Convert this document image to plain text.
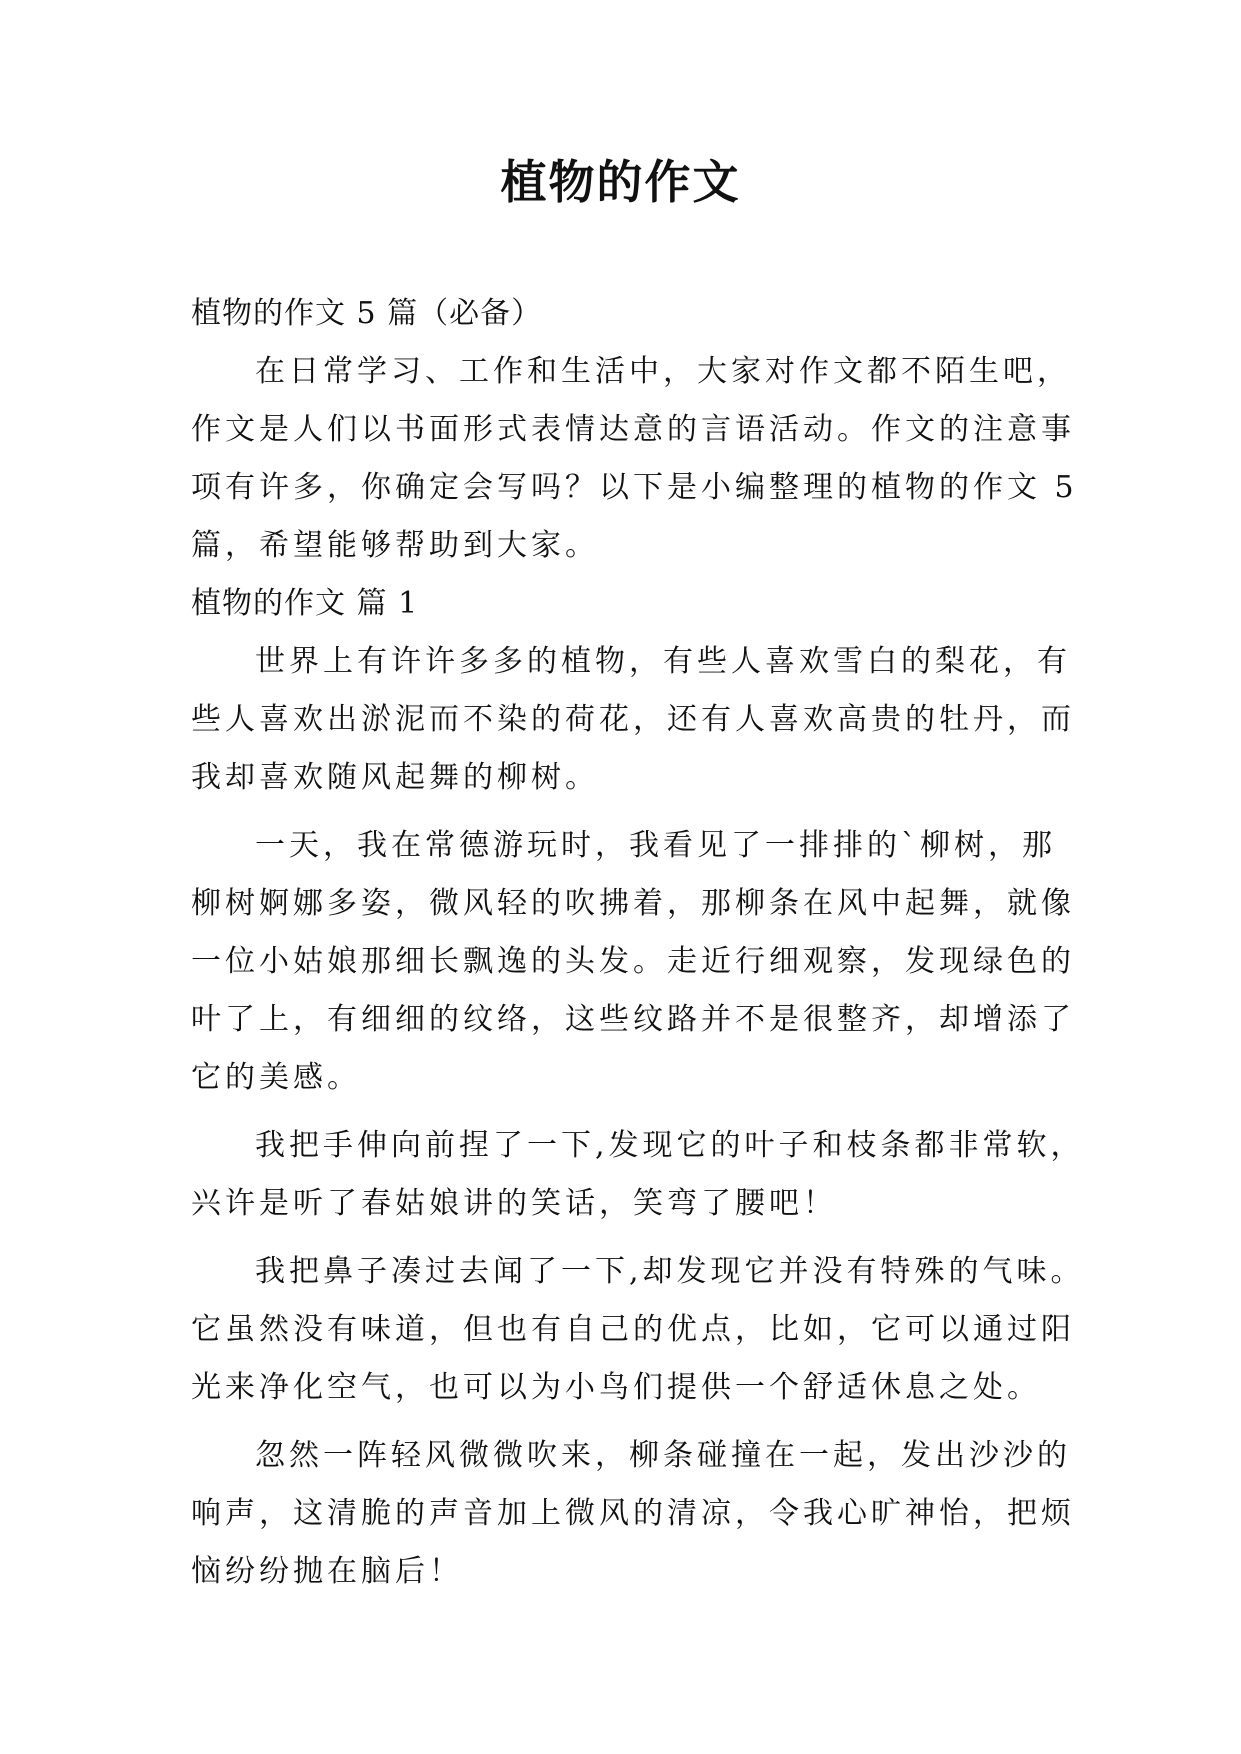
植物的作文

植物的作文 5 篇（必备）

在日常学习、工作和生活中，大家对作文都不陌生吧，

作文是人们以书面形式表情达意的言语活动。作文的注意事

项有许多，你确定会写吗？以下是小编整理的植物的作文 5

篇，希望能够帮助到大家。

植物的作文 篇 1

世界上有许许多多的植物，有些人喜欢雪白的梨花，有

些人喜欢出淤泥而不染的荷花，还有人喜欢高贵的牡丹，而

我却喜欢随风起舞的柳树。

一天，我在常德游玩时，我看见了一排排的`柳树，那

柳树婀娜多姿，微风轻的吹拂着，那柳条在风中起舞，就像

一位小姑娘那细长飘逸的头发。走近行细观察，发现绿色的

叶了上，有细细的纹络，这些纹路并不是很整齐，却增添了

它的美感。

我把手伸向前捏了一下,发现它的叶子和枝条都非常软，

兴许是听了春姑娘讲的笑话，笑弯了腰吧！

我把鼻子凑过去闻了一下,却发现它并没有特殊的气味。

它虽然没有味道，但也有自己的优点，比如，它可以通过阳

光来净化空气，也可以为小鸟们提供一个舒适休息之处。

忽然一阵轻风微微吹来，柳条碰撞在一起，发出沙沙的

响声，这清脆的声音加上微风的清凉，令我心旷神怡，把烦

恼纷纷抛在脑后！
